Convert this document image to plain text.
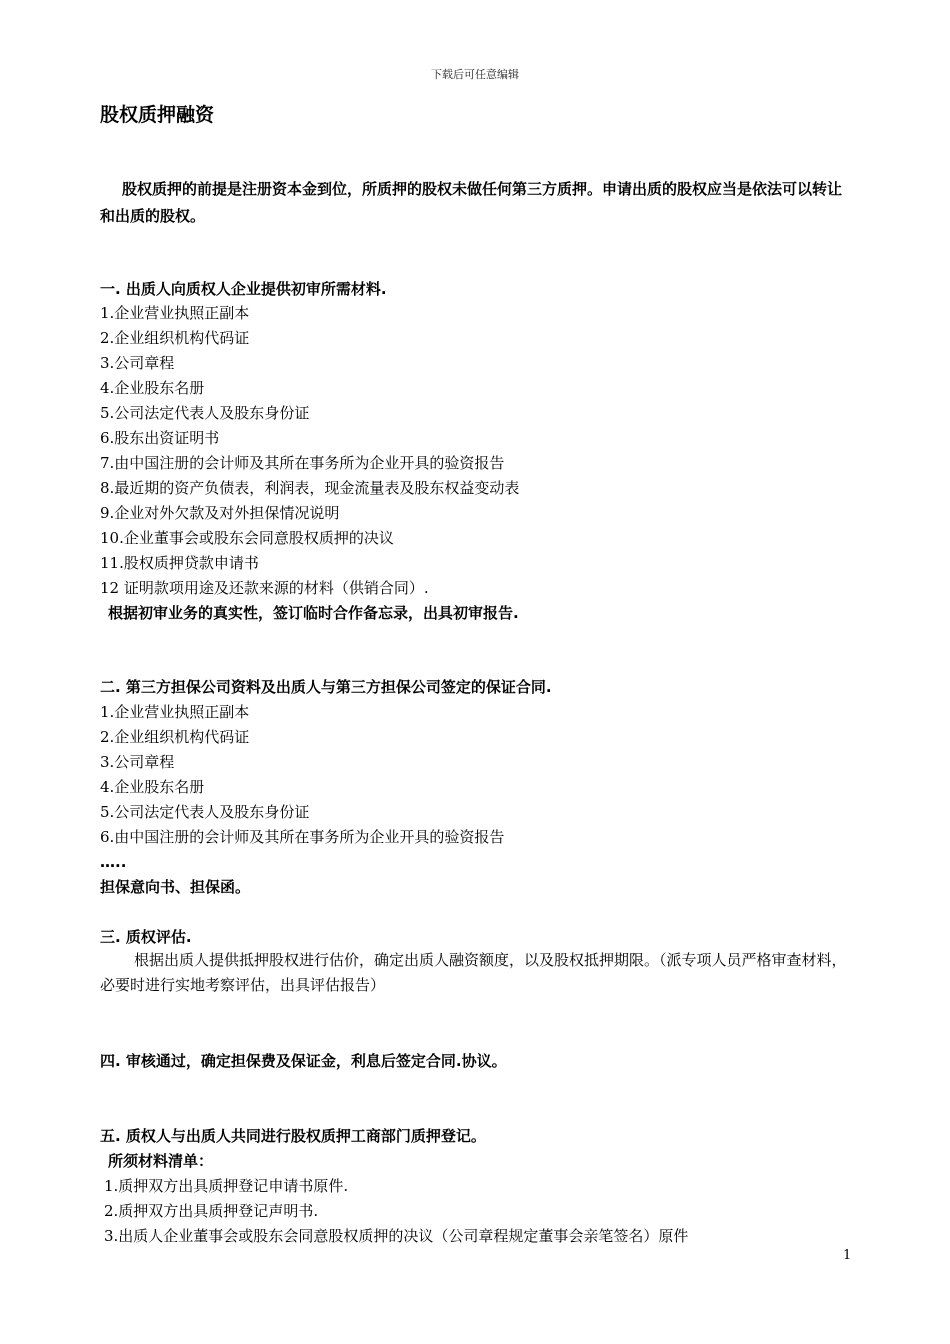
下载后可任意编辑
股权质押融资
股权质押的前提是注册资本金到位，所质押的股权未做任何第三方质押。申请出质的股权应当是依法可以转让和出质的股权。
一. 出质人向质权人企业提供初审所需材料.
1.企业营业执照正副本
2.企业组织机构代码证
3.公司章程
4.企业股东名册
5.公司法定代表人及股东身份证
6.股东出资证明书
7.由中国注册的会计师及其所在事务所为企业开具的验资报告
8.最近期的资产负债表，利润表，现金流量表及股东权益变动表
9.企业对外欠款及对外担保情况说明
10.企业董事会或股东会同意股权质押的决议
11.股权质押贷款申请书
12 证明款项用途及还款来源的材料（供销合同）.
根据初审业务的真实性，签订临时合作备忘录，出具初审报告.
二. 第三方担保公司资料及出质人与第三方担保公司签定的保证合同.
1.企业营业执照正副本
2.企业组织机构代码证
3.公司章程
4.企业股东名册
5.公司法定代表人及股东身份证
6.由中国注册的会计师及其所在事务所为企业开具的验资报告
…..
担保意向书、担保函。
三. 质权评估.
根据出质人提供抵押股权进行估价，确定出质人融资额度，以及股权抵押期限。（派专项人员严格审查材料，必要时进行实地考察评估，出具评估报告）
四. 审核通过，确定担保费及保证金，利息后签定合同.协议。
五. 质权人与出质人共同进行股权质押工商部门质押登记。
所须材料清单：
1.质押双方出具质押登记申请书原件.
2.质押双方出具质押登记声明书.
3.出质人企业董事会或股东会同意股权质押的决议（公司章程规定董事会亲笔签名）原件
1
